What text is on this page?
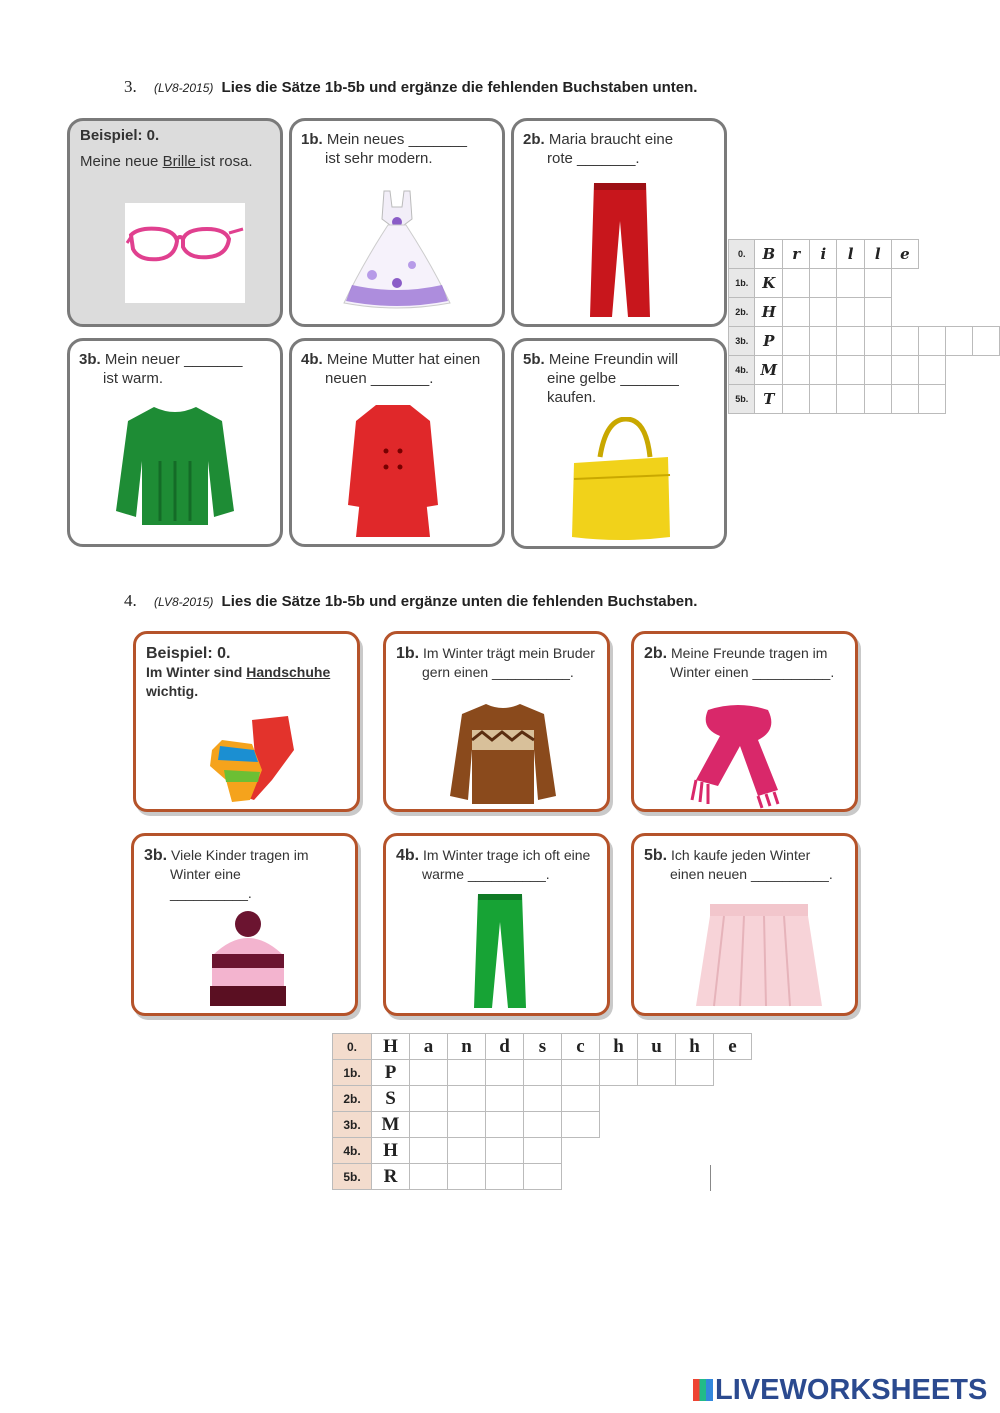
3. (LV8-2015) Lies die Sätze 1b-5b und ergänze die fehlenden Buchstaben unten.
Beispiel: 0.
Meine neue Brille ist rosa.
1b. Mein neues _______
ist sehr modern.
2b. Maria braucht eine
rote _______.
3b. Mein neuer _______
ist warm.
4b. Meine Mutter hat einen
neuen _______.
5b. Meine Freundin will
eine gelbe _______
kaufen.
0.	B	r	i	l	l	e			
1b.	K								
2b.	H								
3b.	P								
4b.	M								
5b.	T								
4. (LV8-2015) Lies die Sätze 1b-5b und ergänze unten die fehlenden Buchstaben.
Beispiel: 0.
Im Winter sind Handschuhe
wichtig.
1b. Im Winter trägt mein Bruder
gern einen __________.
2b. Meine Freunde tragen im
Winter einen __________.
3b. Viele Kinder tragen im
Winter eine
__________.
4b. Im Winter trage ich oft eine
warme __________.
5b. Ich kaufe jeden Winter
einen neuen __________.
0.	H	a	n	d	s	c	h	u	h	e
1b.	P									
2b.	S									
3b.	M									
4b.	H									
5b.	R									
LIVEWORKSHEETS
